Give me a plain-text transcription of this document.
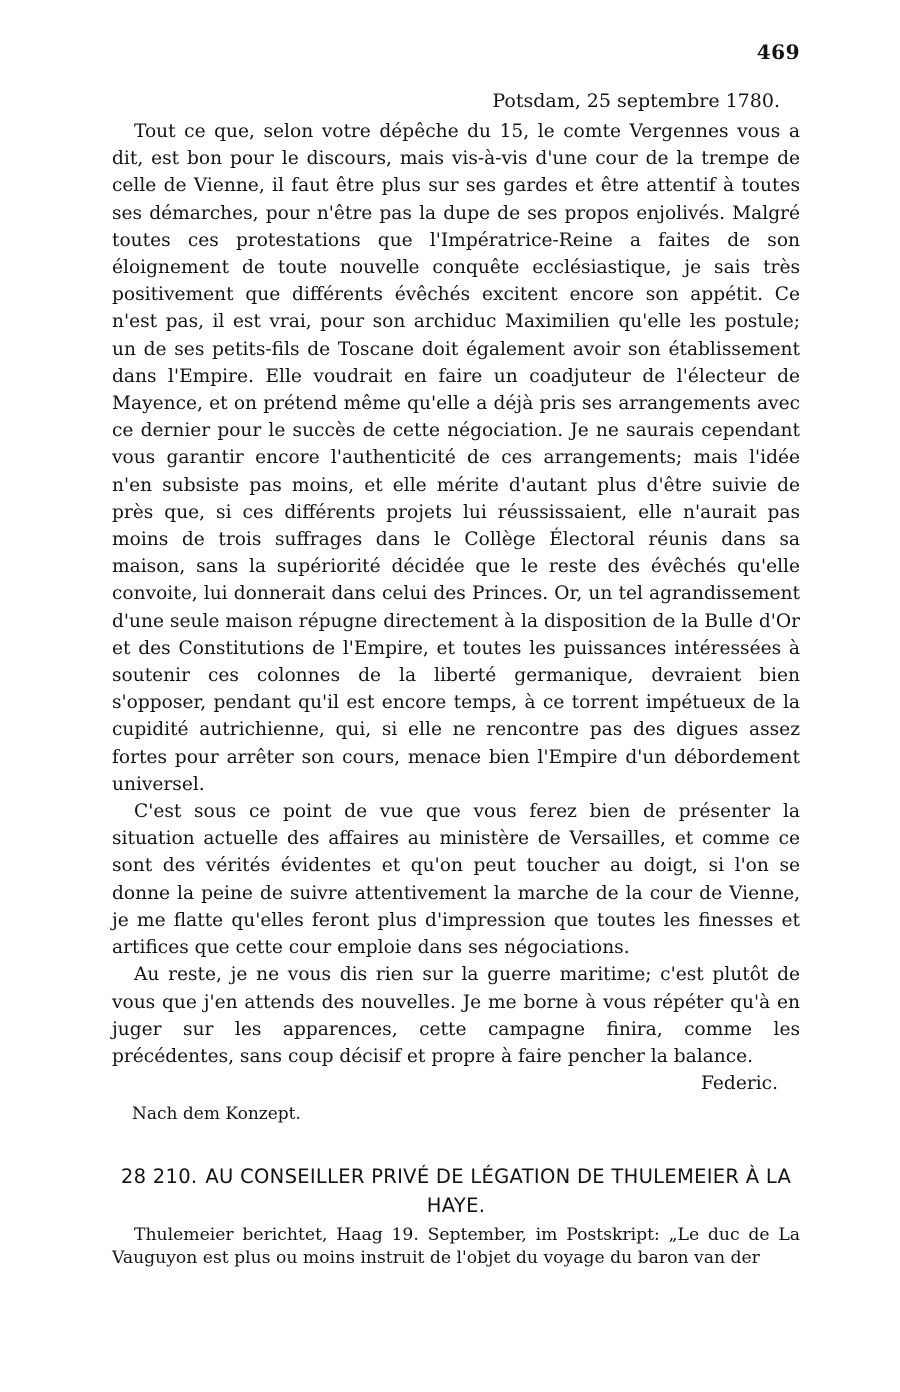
469
Potsdam, 25 septembre 1780.

Tout ce que, selon votre dépêche du 15, le comte Vergennes vous a dit, est bon pour le discours, mais vis-à-vis d'une cour de la trempe de celle de Vienne, il faut être plus sur ses gardes et être attentif à toutes ses démarches, pour n'être pas la dupe de ses propos enjolivés. Malgré toutes ces protestations que l'Impératrice-Reine a faites de son éloignement de toute nouvelle conquête ecclésiastique, je sais très positivement que différents évêchés excitent encore son appétit. Ce n'est pas, il est vrai, pour son archiduc Maximilien qu'elle les postule; un de ses petits-fils de Toscane doit également avoir son établissement dans l'Empire. Elle voudrait en faire un coadjuteur de l'électeur de Mayence, et on prétend même qu'elle a déjà pris ses arrangements avec ce dernier pour le succès de cette négociation. Je ne saurais cependant vous garantir encore l'authenticité de ces arrangements; mais l'idée n'en subsiste pas moins, et elle mérite d'autant plus d'être suivie de près que, si ces différents projets lui réussissaient, elle n'aurait pas moins de trois suffrages dans le Collège Électoral réunis dans sa maison, sans la supériorité décidée que le reste des évêchés qu'elle convoite, lui donnerait dans celui des Princes. Or, un tel agrandissement d'une seule maison répugne directement à la disposition de la Bulle d'Or et des Constitutions de l'Empire, et toutes les puissances intéressées à soutenir ces colonnes de la liberté germanique, devraient bien s'opposer, pendant qu'il est encore temps, à ce torrent impétueux de la cupidité autrichienne, qui, si elle ne rencontre pas des digues assez fortes pour arrêter son cours, menace bien l'Empire d'un débordement universel.

C'est sous ce point de vue que vous ferez bien de présenter la situation actuelle des affaires au ministère de Versailles, et comme ce sont des vérités évidentes et qu'on peut toucher au doigt, si l'on se donne la peine de suivre attentivement la marche de la cour de Vienne, je me flatte qu'elles feront plus d'impression que toutes les finesses et artifices que cette cour emploie dans ses négociations.

Au reste, je ne vous dis rien sur la guerre maritime; c'est plutôt de vous que j'en attends des nouvelles. Je me borne à vous répéter qu'à en juger sur les apparences, cette campagne finira, comme les précédentes, sans coup décisif et propre à faire pencher la balance.

Federic.
Nach dem Konzept.
28 210. AU CONSEILLER PRIVÉ DE LÉGATION DE THULEMEIER À LA HAYE.

Thulemeier berichtet, Haag 19. September, im Postskript: „Le duc de La Vauguyon est plus ou moins instruit de l'objet du voyage du baron van der
